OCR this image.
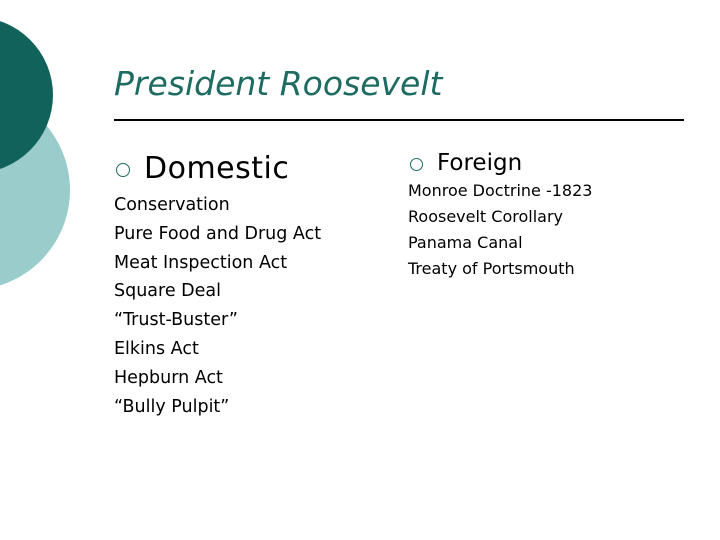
President Roosevelt
Domestic
Conservation
Pure Food and Drug Act
Meat Inspection Act
Square Deal
“Trust-Buster”
Elkins Act
Hepburn Act
“Bully Pulpit”
Foreign
Monroe Doctrine -1823
Roosevelt Corollary
Panama Canal
Treaty of Portsmouth
